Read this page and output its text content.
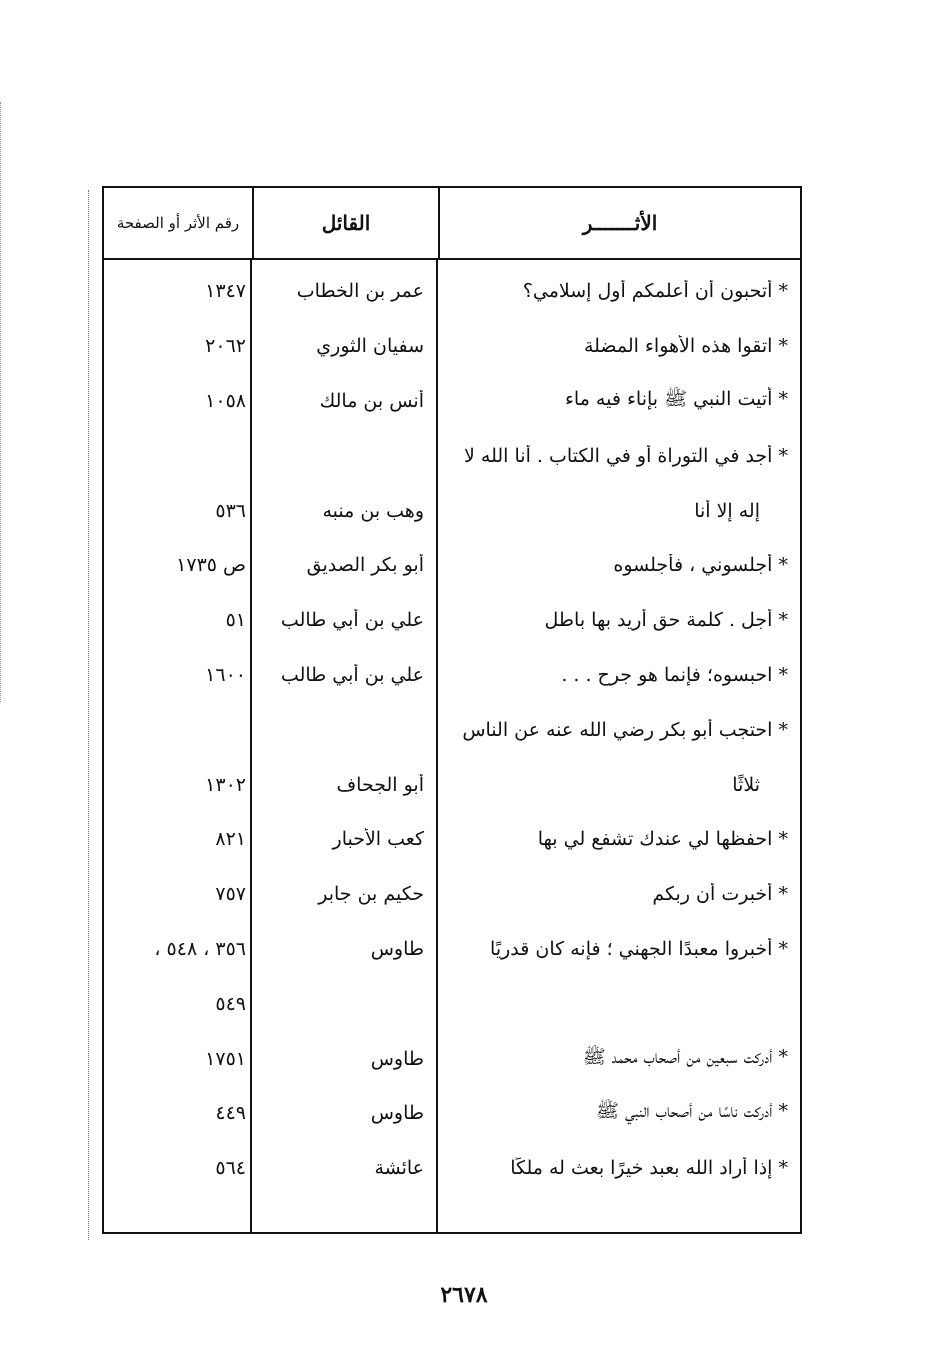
الأثـــــــر
القائل
رقم الأثر أو الصفحة
* أتحبون أن أعلمكم أول إسلامي؟
عمر بن الخطاب
١٣٤٧
* اتقوا هذه الأهواء المضلة
سفيان الثوري
٢٠٦٢
* أتيت النبي ﷺ بإناء فيه ماء
أنس بن مالك
١٠٥٨
* أجد في التوراة أو في الكتاب . أنا الله لا
إله إلا أنا
وهب بن منبه
٥٣٦
* أجلسوني ، فأجلسوه
أبو بكر الصديق
ص ١٧٣٥
* أجل . كلمة حق أريد بها باطل
علي بن أبي طالب
٥١
* احبسوه؛ فإنما هو جرح . . .
علي بن أبي طالب
١٦٠٠
* احتجب أبو بكر رضي الله عنه عن الناس
ثلاثًا
أبو الجحاف
١٣٠٢
* احفظها لي عندك تشفع لي بها
كعب الأحبار
٨٢١
* أخبرت أن ربكم
حكيم بن جابر
٧٥٧
* أخبروا معبدًا الجهني ؛ فإنه كان قدريًا
طاوس
٣٥٦ ، ٥٤٨ ،
٥٤٩
* أدركت سبعين من أصحاب محمد ﷺ
طاوس
١٧٥١
* أدركت ناسًا من أصحاب النبي ﷺ
طاوس
٤٤٩
* إذا أراد الله بعبد خيرًا بعث له ملكًا
عائشة
٥٦٤
٢٦٧٨
